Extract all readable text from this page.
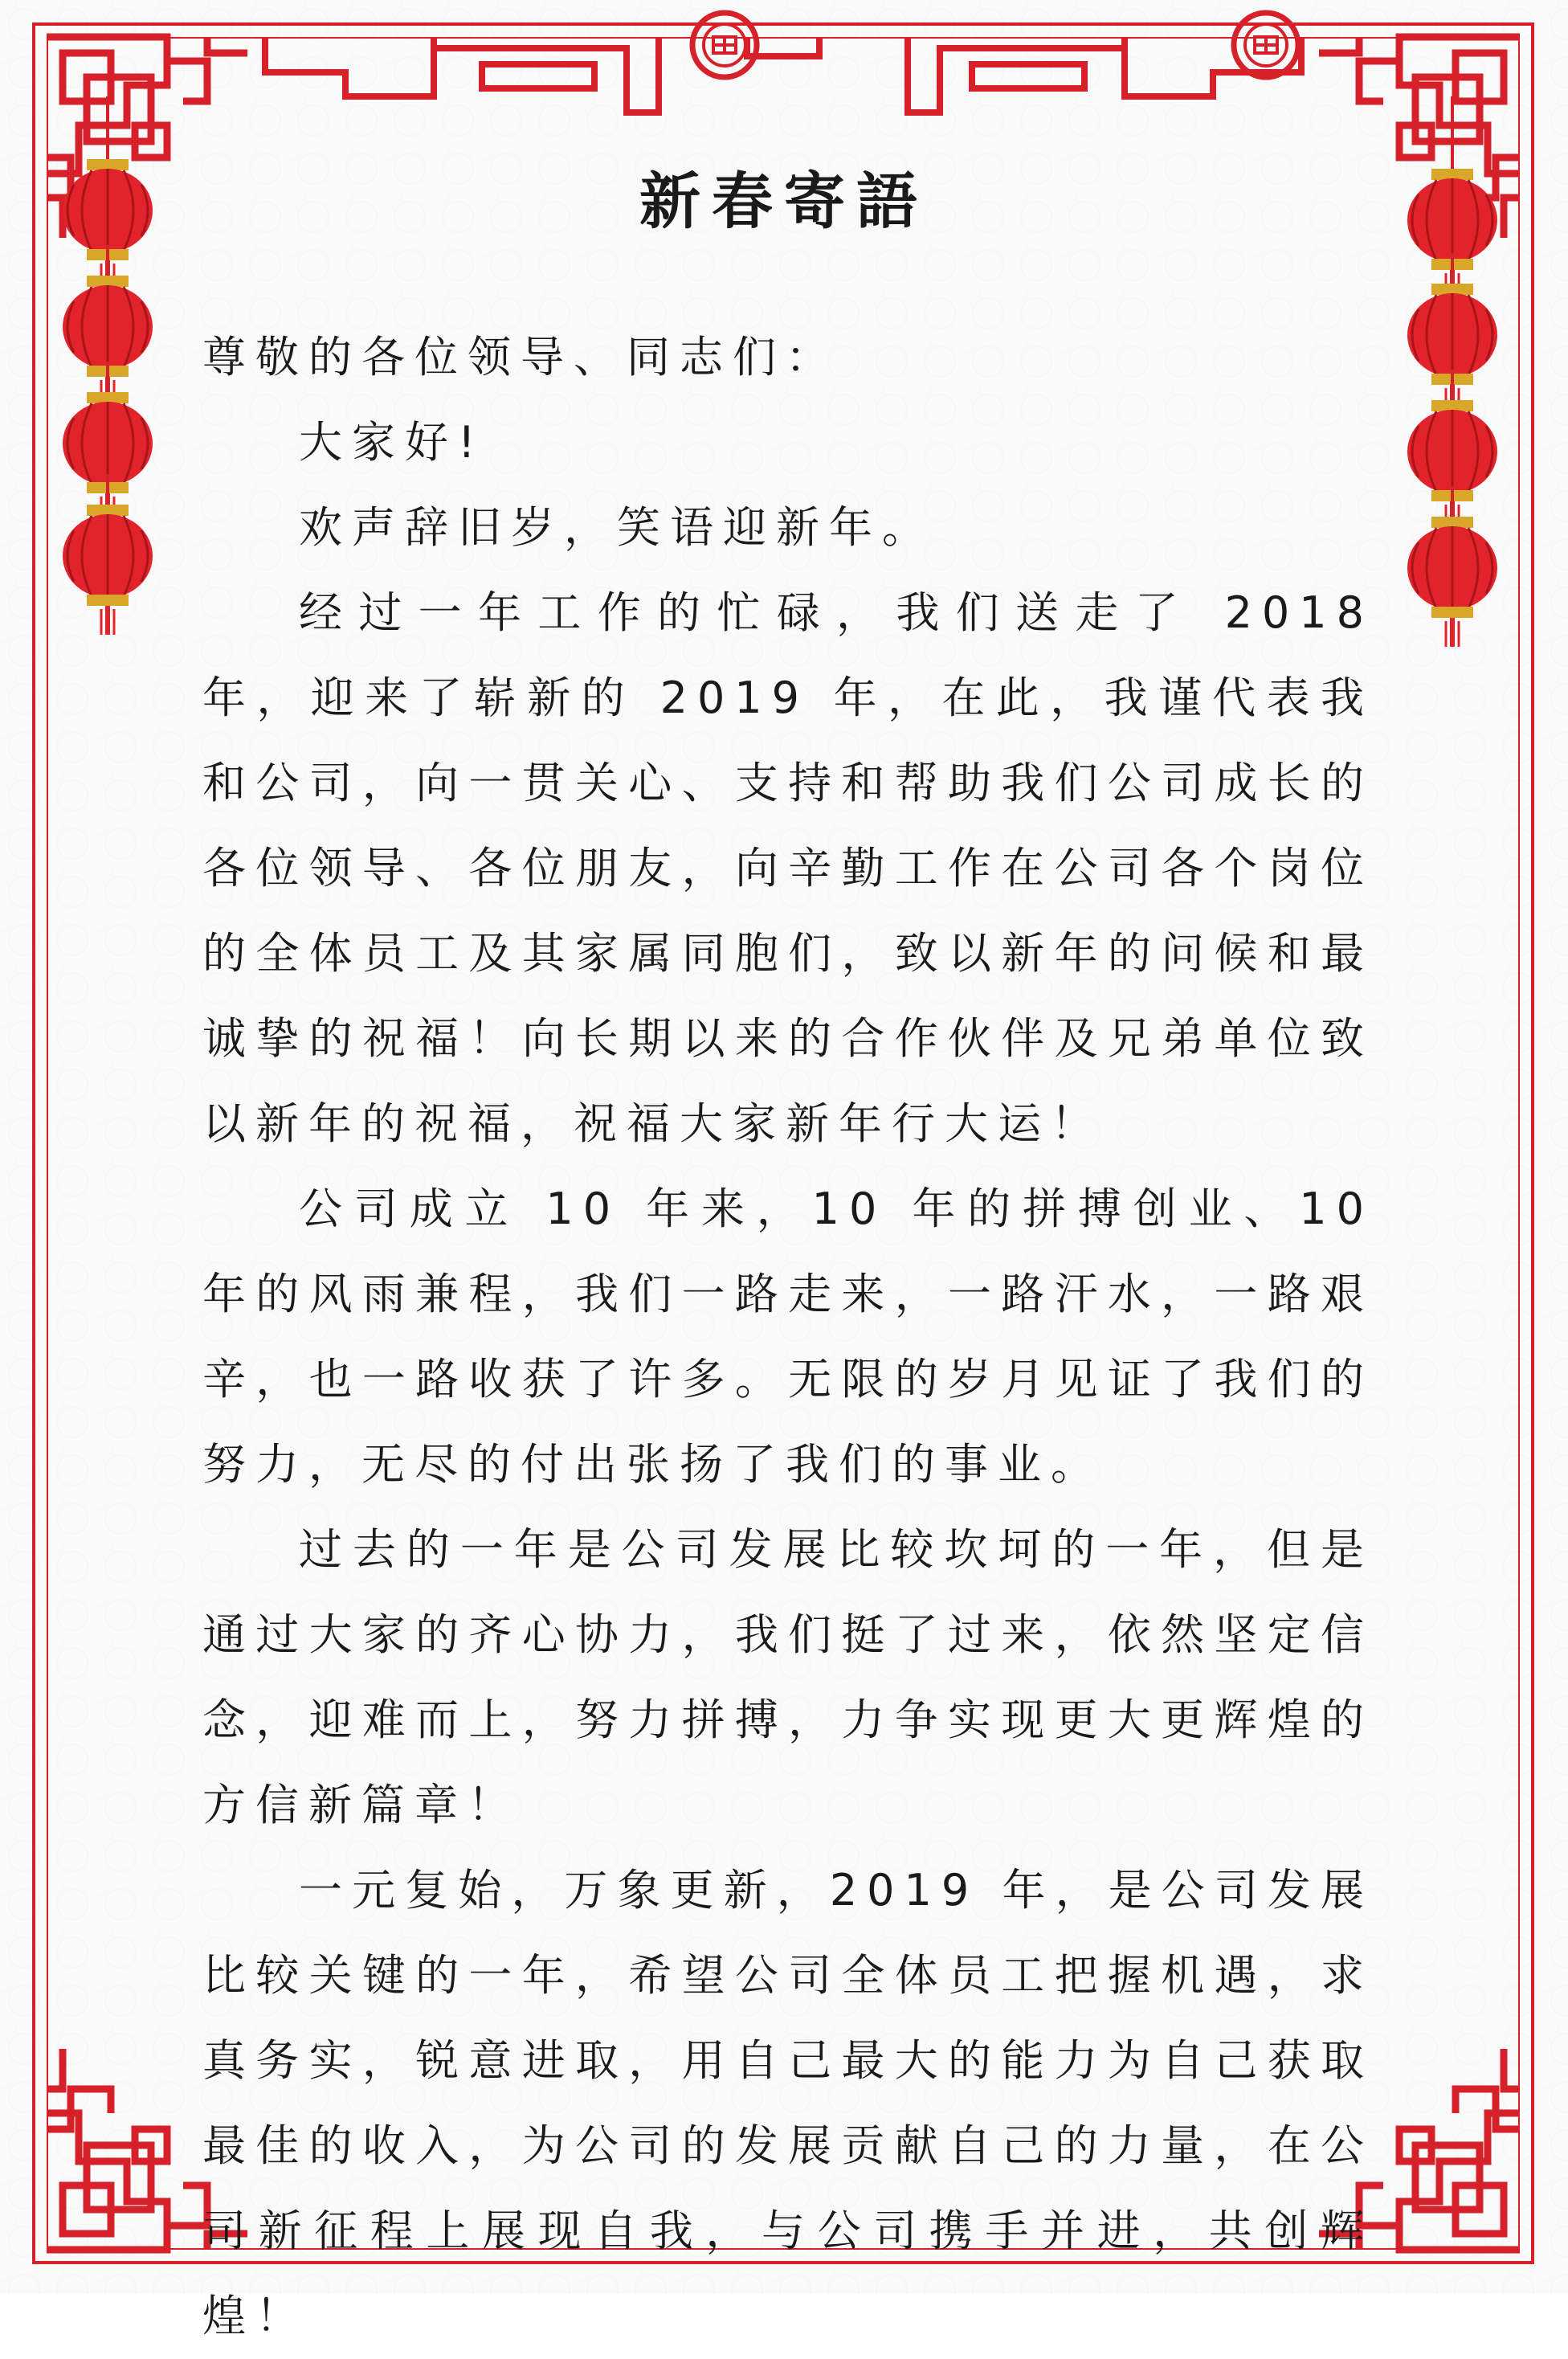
新春寄語

尊敬的各位领导、同志们：

大家好!

欢声辞旧岁，笑语迎新年。

经过一年工作的忙碌，我们送走了 2018 年，迎来了崭新的 2019 年，在此，我谨代表我和公司，向一贯关心、支持和帮助我们公司成长的各位领导、各位朋友，向辛勤工作在公司各个岗位的全体员工及其家属同胞们，致以新年的问候和最诚挚的祝福！向长期以来的合作伙伴及兄弟单位致以新年的祝福，祝福大家新年行大运！

公司成立 10 年来，10 年的拼搏创业、10 年的风雨兼程，我们一路走来，一路汗水，一路艰辛，也一路收获了许多。无限的岁月见证了我们的努力，无尽的付出张扬了我们的事业。

过去的一年是公司发展比较坎坷的一年，但是通过大家的齐心协力，我们挺了过来，依然坚定信念，迎难而上，努力拼搏，力争实现更大更辉煌的方信新篇章！

一元复始，万象更新，2019 年，是公司发展比较关键的一年，希望公司全体员工把握机遇，求真务实，锐意进取，用自己最大的能力为自己获取最佳的收入，为公司的发展贡献自己的力量，在公司新征程上展现自我，与公司携手并进，共创辉煌！
